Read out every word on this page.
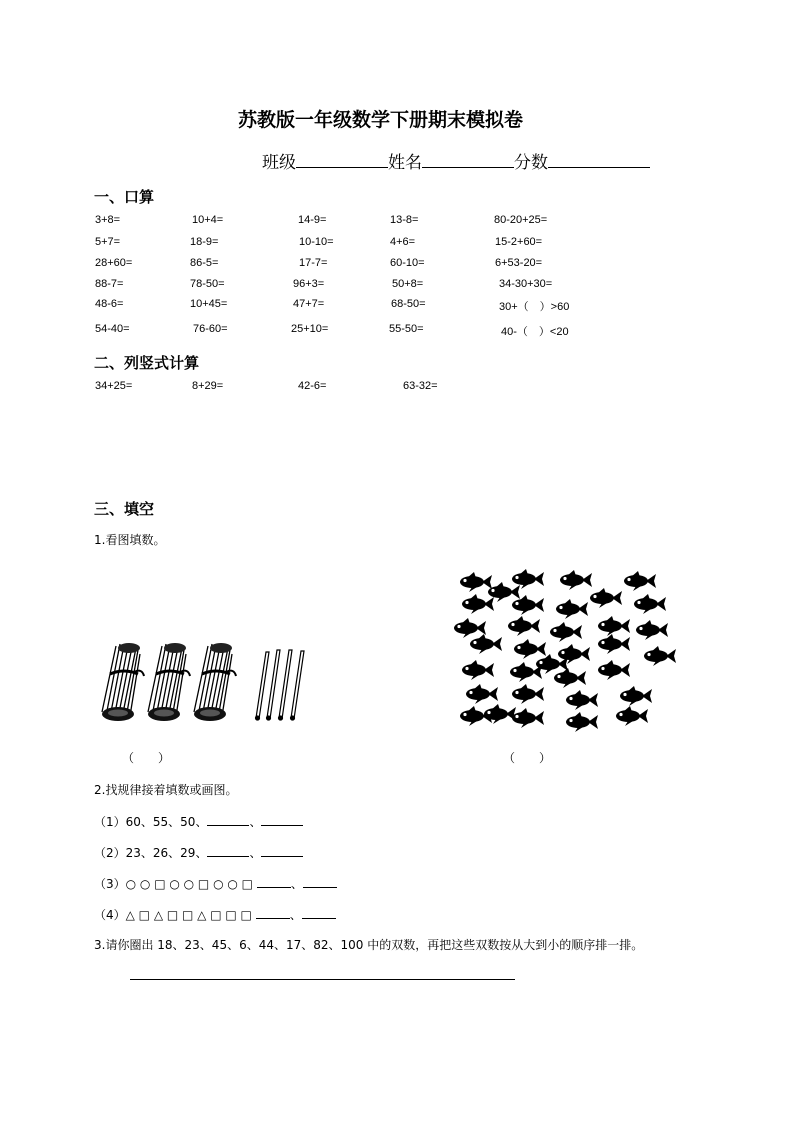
苏教版一年级数学下册期末模拟卷
班级	姓名	分数
一、口算
3+8=	10+4=	14-9=	13-8=	80-20+25=
5+7=	18-9=	10-10=	4+6=	15-2+60=
28+60=	86-5=	17-7=	60-10=	6+53-20=
88-7=	78-50=	96+3=	50+8=	34-30+30=
48-6=	10+45=	47+7=	68-50=	30+（　）>60
54-40=	76-60=	25+10=	55-50=	40-（　）<20
二、列竖式计算
34+25=	8+29=	42-6=	63-32=
三、填空
1.看图填数。
（　　）	（　　）
2.找规律接着填数或画图。
（1）60、55、50、	、
（2）23、26、29、	、
（3）○ ○ □ ○ ○ □ ○ ○ □	、
（4）△ □ △ □ □ △ □ □ □	、
3.请你圈出 18、23、45、6、44、17、82、100 中的双数，再把这些双数按从大到小的顺序排一排。
